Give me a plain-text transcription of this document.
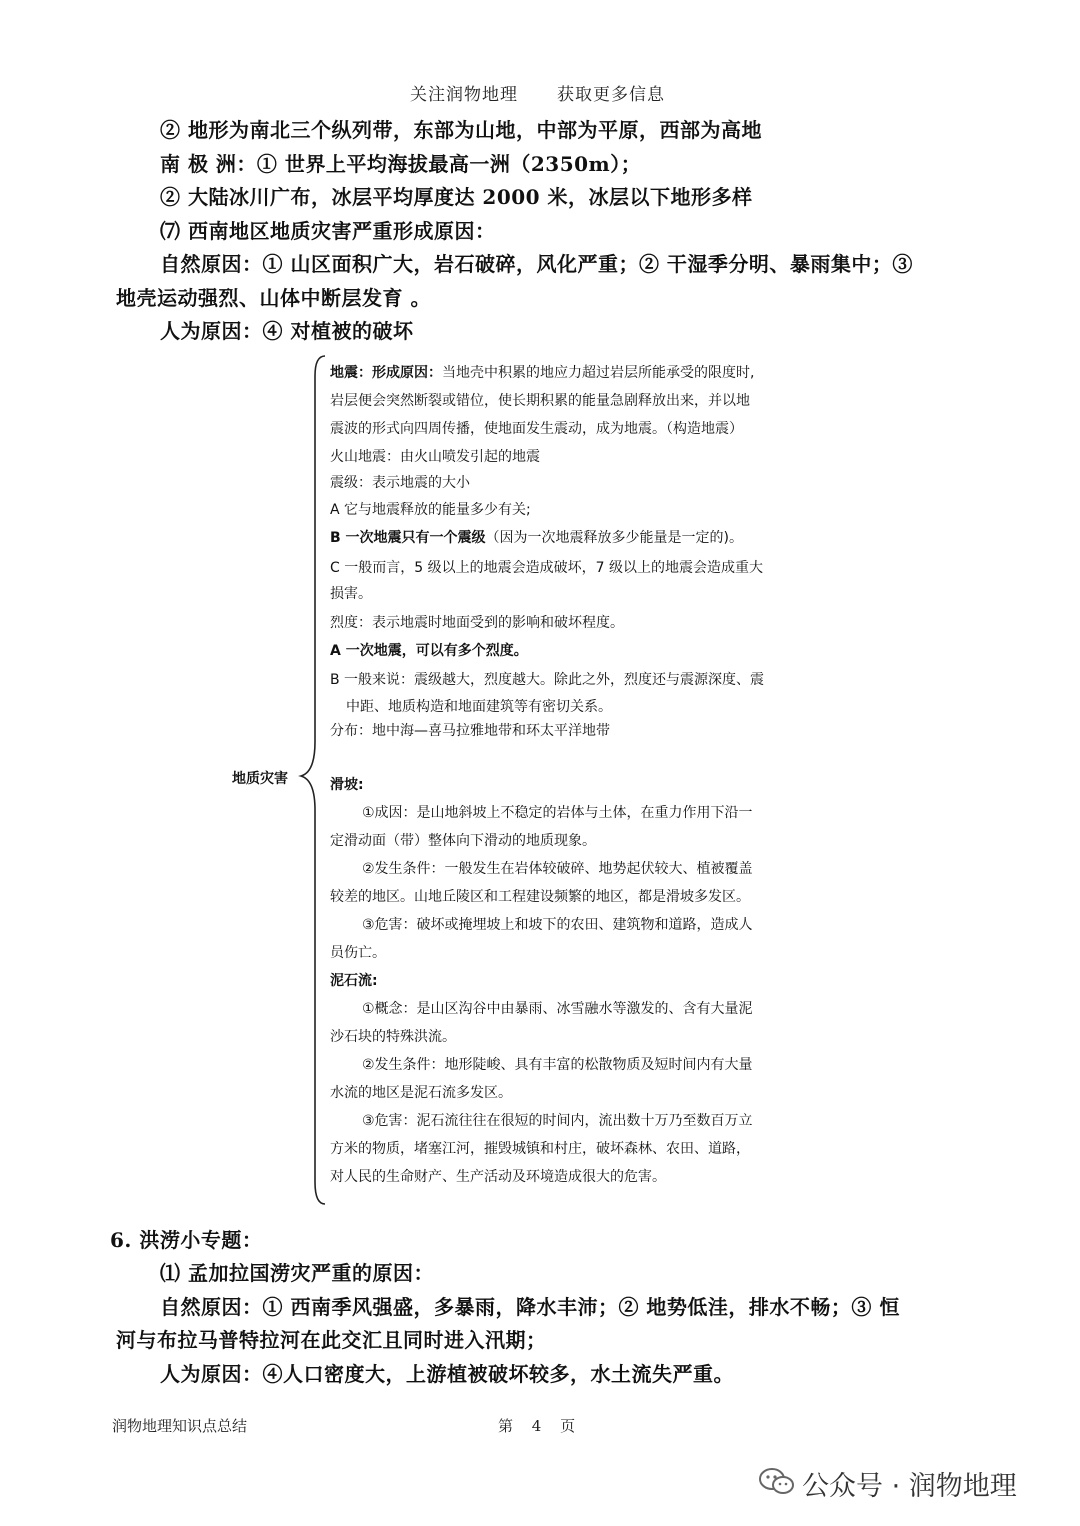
关注润物地理 获取更多信息
② 地形为南北三个纵列带，东部为山地，中部为平原，西部为高地
南 极 洲：① 世界上平均海拔最高一洲（2350m）；
② 大陆冰川广布，冰层平均厚度达 2000 米，冰层以下地形多样
⑺ 西南地区地质灾害严重形成原因：
自然原因：① 山区面积广大，岩石破碎，风化严重；② 干湿季分明、暴雨集中；③
地壳运动强烈、山体中断层发育 。
人为原因：④ 对植被的破坏
地质灾害
地震：形成原因：当地壳中积累的地应力超过岩层所能承受的限度时,
岩层便会突然断裂或错位，使长期积累的能量急剧释放出来，并以地
震波的形式向四周传播，使地面发生震动，成为地震。（构造地震）
火山地震：由火山喷发引起的地震
震级：表示地震的大小
A 它与地震释放的能量多少有关;
B 一次地震只有一个震级（因为一次地震释放多少能量是一定的)。
C 一般而言，5 级以上的地震会造成破坏，7 级以上的地震会造成重大
损害。
烈度：表示地震时地面受到的影响和破坏程度。
A 一次地震，可以有多个烈度。
B 一般来说：震级越大，烈度越大。除此之外，烈度还与震源深度、震
中距、地质构造和地面建筑等有密切关系。
分布：地中海—喜马拉雅地带和环太平洋地带
滑坡:
①成因：是山地斜坡上不稳定的岩体与土体，在重力作用下沿一
定滑动面（带）整体向下滑动的地质现象。
②发生条件：一般发生在岩体较破碎、地势起伏较大、植被覆盖
较差的地区。山地丘陵区和工程建设频繁的地区，都是滑坡多发区。
③危害：破坏或掩埋坡上和坡下的农田、建筑物和道路，造成人
员伤亡。
泥石流:
①概念：是山区沟谷中由暴雨、冰雪融水等激发的、含有大量泥
沙石块的特殊洪流。
②发生条件：地形陡峻、具有丰富的松散物质及短时间内有大量
水流的地区是泥石流多发区。
③危害：泥石流往往在很短的时间内，流出数十万乃至数百万立
方米的物质，堵塞江河，摧毁城镇和村庄，破坏森林、农田、道路，
对人民的生命财产、生产活动及环境造成很大的危害。
6. 洪涝小专题：
⑴ 孟加拉国涝灾严重的原因：
自然原因：① 西南季风强盛，多暴雨，降水丰沛；② 地势低洼，排水不畅；③ 恒
河与布拉马普特拉河在此交汇且同时进入汛期；
人为原因：④人口密度大，上游植被破坏较多，水土流失严重。
润物地理知识点总结	第 4 页
公众号 · 润物地理
